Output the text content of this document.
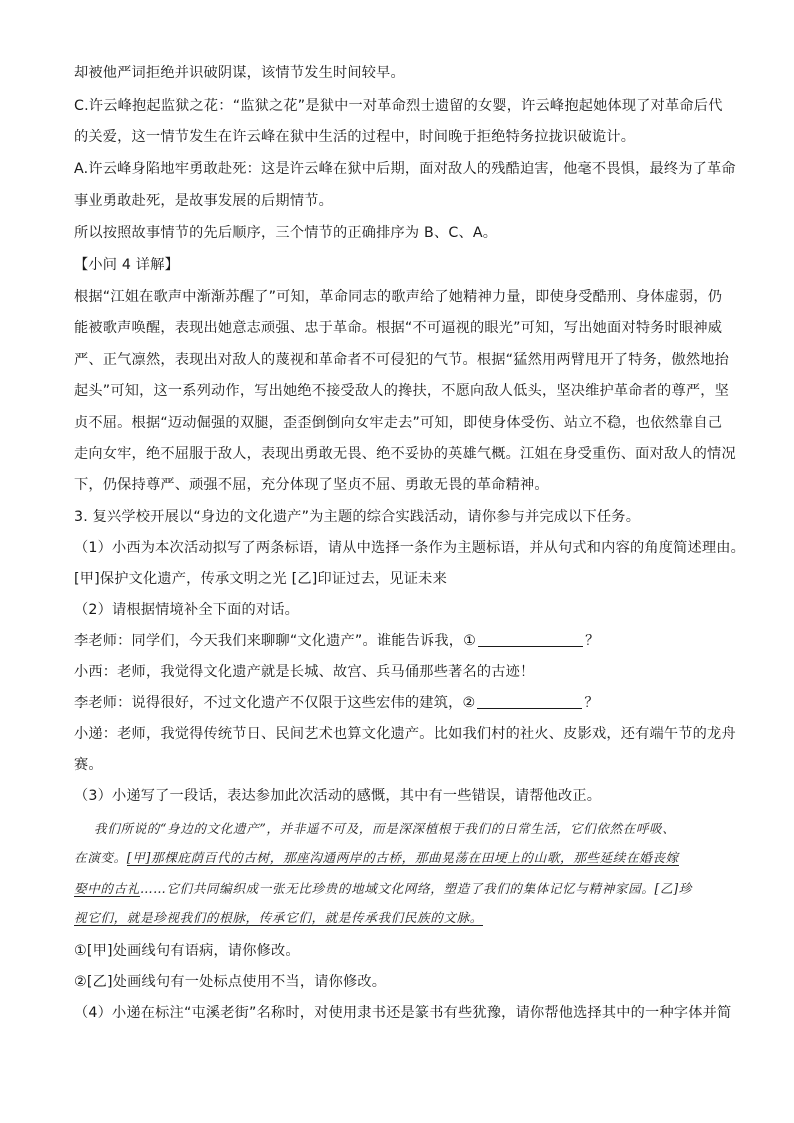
却被他严词拒绝并识破阴谋，该情节发生时间较早。
C.许云峰抱起监狱之花：“监狱之花”是狱中一对革命烈士遗留的女婴，许云峰抱起她体现了对革命后代
的关爱，这一情节发生在许云峰在狱中生活的过程中，时间晚于拒绝特务拉拢识破诡计。
A.许云峰身陷地牢勇敢赴死：这是许云峰在狱中后期，面对敌人的残酷迫害，他毫不畏惧，最终为了革命
事业勇敢赴死，是故事发展的后期情节。
所以按照故事情节的先后顺序，三个情节的正确排序为 B、C、A。
【小问 4 详解】
根据“江姐在歌声中渐渐苏醒了”可知，革命同志的歌声给了她精神力量，即使身受酷刑、身体虚弱，仍
能被歌声唤醒，表现出她意志顽强、忠于革命。根据“不可逼视的眼光”可知，写出她面对特务时眼神威
严、正气凛然，表现出对敌人的蔑视和革命者不可侵犯的气节。根据“猛然用两臂甩开了特务，傲然地抬
起头”可知，这一系列动作，写出她绝不接受敌人的搀扶，不愿向敌人低头，坚决维护革命者的尊严，坚
贞不屈。根据“迈动倔强的双腿，歪歪倒倒向女牢走去”可知，即使身体受伤、站立不稳，也依然靠自己
走向女牢，绝不屈服于敌人，表现出勇敢无畏、绝不妥协的英雄气概。江姐在身受重伤、面对敌人的情况
下，仍保持尊严、顽强不屈，充分体现了坚贞不屈、勇敢无畏的革命精神。
3. 复兴学校开展以“身边的文化遗产”为主题的综合实践活动，请你参与并完成以下任务。
（1）小西为本次活动拟写了两条标语，请从中选择一条作为主题标语，并从句式和内容的角度简述理由。
[甲]保护文化遗产，传承文明之光 [乙]印证过去，见证未来
（2）请根据情境补全下面的对话。
李老师：同学们，今天我们来聊聊“文化遗产”。谁能告诉我，①	？
小西：老师，我觉得文化遗产就是长城、故宫、兵马俑那些著名的古迹！
李老师：说得很好，不过文化遗产不仅限于这些宏伟的建筑，②	？
小递：老师，我觉得传统节日、民间艺术也算文化遗产。比如我们村的社火、皮影戏，还有端午节的龙舟
赛。
（3）小递写了一段话，表达参加此次活动的感慨，其中有一些错误，请帮他改正。
我们所说的“身边的文化遗产”，并非遥不可及，而是深深植根于我们的日常生活，它们依然在呼吸、
在演变。[甲]那棵庇荫百代的古树，那座沟通两岸的古桥，那曲晃荡在田埂上的山歌，那些延续在婚丧嫁
娶中的古礼……它们共同编织成一张无比珍贵的地域文化网络，塑造了我们的集体记忆与精神家园。[乙]珍
视它们，就是珍视我们的根脉，传承它们，就是传承我们民族的文脉。
①[甲]处画线句有语病，请你修改。
②[乙]处画线句有一处标点使用不当，请你修改。
（4）小递在标注“屯溪老街”名称时，对使用隶书还是篆书有些犹豫，请你帮他选择其中的一种字体并简
